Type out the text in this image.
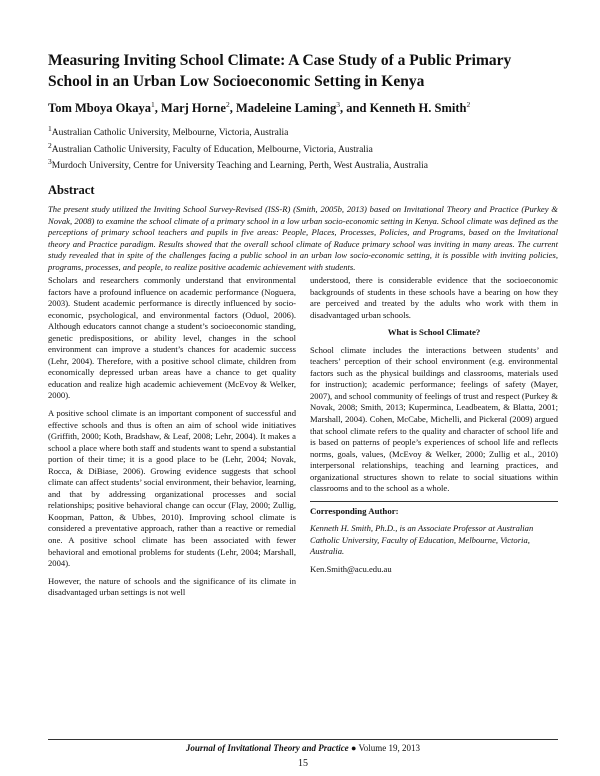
Measuring Inviting School Climate: A Case Study of a Public Primary School in an Urban Low Socioeconomic Setting in Kenya

Tom Mboya Okaya$^1$, Marj Horne$^2$, Madeleine Laming$^3$, and Kenneth H. Smith$^2$

$^1$Australian Catholic University, Melbourne, Victoria, Australia

$^2$Australian Catholic University, Faculty of Education, Melbourne, Victoria, Australia

$^3$Murdoch University, Centre for University Teaching and Learning, Perth, West Australia, Australia

Abstract

The present study utilized the Inviting School Survey-Revised (ISS-R) (Smith, 2005b, 2013) based on Invitational Theory and Practice (Purkey & Novak, 2008) to examine the school climate of a primary school in a low urban socio-economic setting in Kenya. School climate was defined as the perceptions of primary school teachers and pupils in five areas: People, Places, Processes, Policies, and Programs, based on the Invitational theory and Practice paradigm. Results showed that the overall school climate of Raduce primary school was inviting in many areas. The current study revealed that in spite of the challenges facing a public school in an urban low socio-economic setting, it is possible with inviting policies, programs, processes, and people, to realize positive academic achievement with students.

Scholars and researchers commonly understand that environmental factors have a profound influence on academic performance (Noguera, 2003). Student academic performance is directly influenced by socio-economic, psychological, and environmental factors (Oduol, 2006). Although educators cannot change a student’s socioeconomic standing, genetic predispositions, or ability level, changes in the school environment can improve a student’s chances for academic success (Lehr, 2004). Therefore, with a positive school climate, children from economically depressed urban areas have a chance to get quality education and realize high academic achievement (McEvoy & Welker, 2000).

A positive school climate is an important component of successful and effective schools and thus is often an aim of school wide initiatives (Griffith, 2000; Koth, Bradshaw, & Leaf, 2008; Lehr, 2004). It makes a school a place where both staff and students want to spend a substantial portion of their time; it is a good place to be (Lehr, 2004; Novak, Rocca, & DiBiase, 2006). Growing evidence suggests that school climate can affect students’ social environment, their behavior, learning, and that by addressing organizational processes and social relationships; positive behavioral change can occur (Flay, 2000; Zullig, Koopman, Patton, & Ubbes, 2010). Improving school climate is considered a preventative approach, rather than a reactive or remedial one. A positive school climate has been associated with fewer behavioral and emotional problems for students (Lehr, 2004; Marshall, 2004).

However, the nature of schools and the significance of its climate in disadvantaged urban settings is not well

understood, there is considerable evidence that the socioeconomic backgrounds of students in these schools have a bearing on how they are perceived and treated by the adults who work with them in disadvantaged urban schools.

What is School Climate?

School climate includes the interactions between students’ and teachers’ perception of their school environment (e.g. environmental factors such as the physical buildings and classrooms, materials used for instruction); academic performance; feelings of safety (Mayer, 2007), and school community of feelings of trust and respect (Purkey & Novak, 2008; Smith, 2013; Kuperminca, Leadbeatem, & Blatta, 2001; Marshall, 2004). Cohen, McCabe, Michelli, and Pickeral (2009) argued that school climate refers to the quality and character of school life and is based on patterns of people’s experiences of school life and reflects norms, goals, values, (McEvoy & Welker, 2000; Zullig et al., 2010) interpersonal relationships, teaching and learning practices, and organizational structures shown to relate to social situations within classrooms and to the school as a whole.

Corresponding Author:

Kenneth H. Smith, Ph.D., is an Associate Professor at Australian Catholic University, Faculty of Education, Melbourne, Victoria, Australia.

Ken.Smith@acu.edu.au

Journal of Invitational Theory and Practice ● Volume 19, 2013

15
